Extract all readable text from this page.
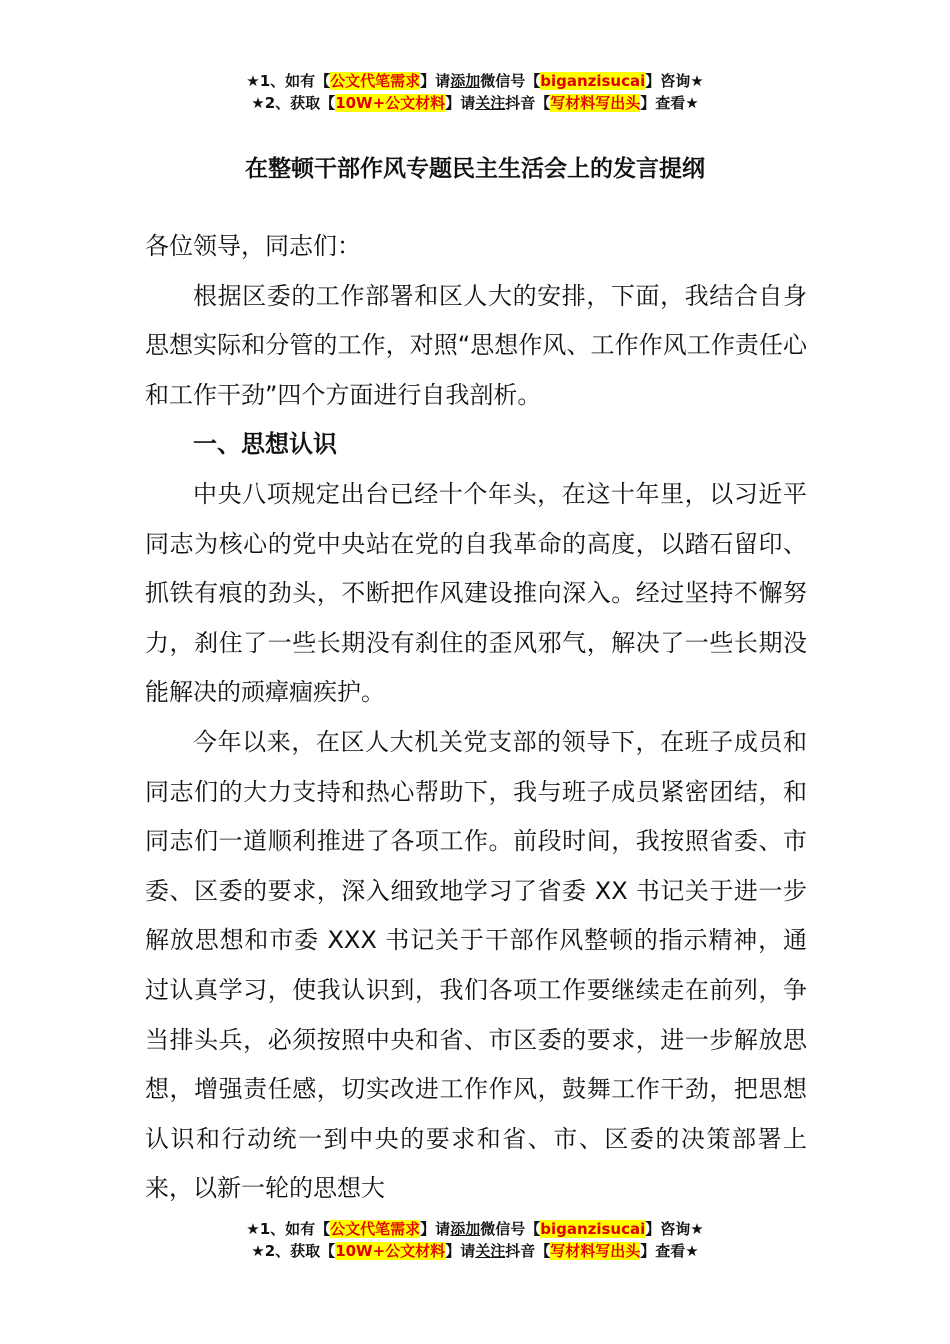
★1、如有【公文代笔需求】请添加微信号【biganzisucai】咨询★
★2、获取【10W+公文材料】请关注抖音【写材料写出头】查看★
在整顿干部作风专题民主生活会上的发言提纲

各位领导，同志们：

根据区委的工作部署和区人大的安排，下面，我结合自身思想实际和分管的工作，对照“思想作风、工作作风工作责任心和工作干劲”四个方面进行自我剖析。

一、思想认识

中央八项规定出台已经十个年头，在这十年里，以习近平同志为核心的党中央站在党的自我革命的高度，以踏石留印、抓铁有痕的劲头，不断把作风建设推向深入。经过坚持不懈努力，刹住了一些长期没有刹住的歪风邪气，解决了一些长期没能解决的顽瘴痼疾护。

今年以来，在区人大机关党支部的领导下，在班子成员和同志们的大力支持和热心帮助下，我与班子成员紧密团结，和同志们一道顺利推进了各项工作。前段时间，我按照省委、市委、区委的要求，深入细致地学习了省委 XX 书记关于进一步解放思想和市委 XXX 书记关于干部作风整顿的指示精神，通过认真学习，使我认识到，我们各项工作要继续走在前列，争当排头兵，必须按照中央和省、市区委的要求，进一步解放思想，增强责任感，切实改进工作作风，鼓舞工作干劲，把思想认识和行动统一到中央的要求和省、市、区委的决策部署上来，以新一轮的思想大

★1、如有【公文代笔需求】请添加微信号【biganzisucai】咨询★
★2、获取【10W+公文材料】请关注抖音【写材料写出头】查看★
